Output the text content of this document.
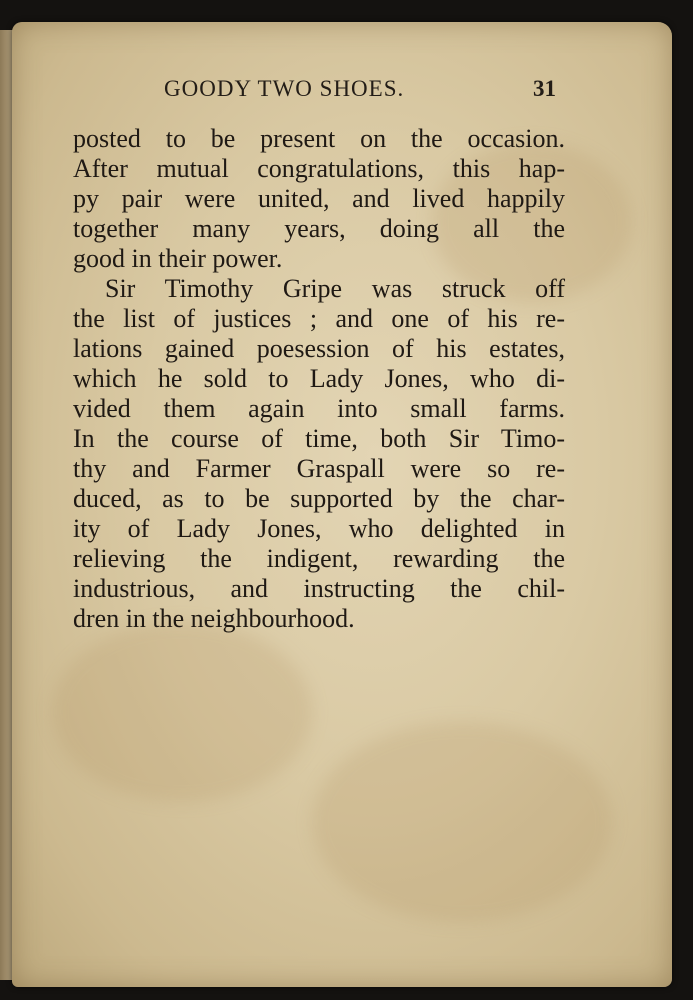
GOODY TWO SHOES.	31
posted to be present on the occasion.
After mutual congratulations, this hap-
py pair were united, and lived happily
together many years, doing all the
good in their power.
Sir Timothy Gripe was struck off
the list of justices ; and one of his re-
lations gained poesession of his estates,
which he sold to Lady Jones, who di-
vided them again into small farms.
In the course of time, both Sir Timo-
thy and Farmer Graspall were so re-
duced, as to be supported by the char-
ity of Lady Jones, who delighted in
relieving the indigent, rewarding the
industrious, and instructing the chil-
dren in the neighbourhood.
